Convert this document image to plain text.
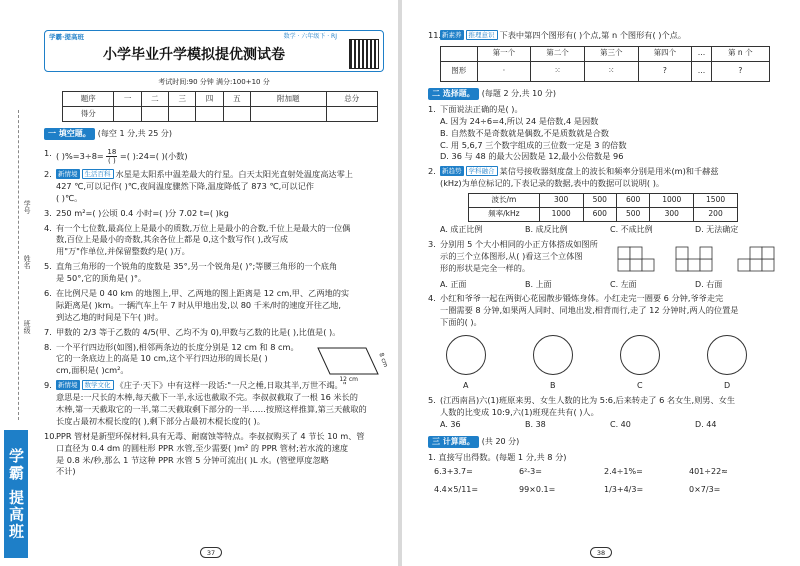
学号
姓名
班级
学霸 提高班
学霸·提高班	数学 · 六年级下 · RJ
小学毕业升学模拟提优测试卷
考试时间:90 分钟 满分:100+10 分
题序	一	二	三	四	五	附加题	总分
得分							
一 填空题。 (每空 1 分,共 25 分)
1. ( )$\%=3\div 8= \frac{18}{( )}$ =( ):24=( )(小数)
2. 新情境 生活百科 水星是太阳系中温差最大的行星。白天太阳光直射处温度高达零上
427 ℃,可以记作( )℃,夜间温度骤然下降,温度降低了 873 ℃,可以记作
( )℃。
3. 250 m²=( )公顷 0.4 小时=( )分 7.02 t=( )kg
4. 有一个七位数,最高位上是最小的质数,万位上是最小的合数,千位上是最大的一位偶
数,百位上是最小的奇数,其余各位上都是 0,这个数写作( ),改写成
用"万"作单位,并保留整数约是( )万。
5. 直角三角形的一个锐角的度数是 35°,另一个锐角是( )°;等腰三角形的一个底角
是 50°,它的顶角是( )°。
6. 在比例尺是 0 40 km 的地图上,甲、乙两地的图上距离是 12 cm,甲、乙两地的实
际距离是( )km。一辆汽车上午 7 时从甲地出发,以 80 千米/时的速度开往乙地,
到达乙地的时间是下午( )时。
7. 甲数的 2/3 等于乙数的 4/5(甲、乙均不为 0),甲数与乙数的比是( ),比值是( )。
8. 一个平行四边形(如图),相邻两条边的长度分别是 12 cm 和 8 cm。
它的一条底边上的高是 10 cm,这个平行四边形的周长是( )
cm,面积是( )cm²。
12 cm
8 cm
9. 新情境 数学文化 《庄子·天下》中有这样一段话:"一尺之棰,日取其半,万世不竭。"
意思是:一尺长的木棒,每天截下一半,永远也截取不完。李叔叔截取了一根 16 米长的
木棒,第一天截取它的一半,第二天截取剩下部分的一半……按照这样推算,第三天截取的
长度占最初木棍长度的( ),剩下部分占最初木棍长度的( )。
10.
PPR 管材是新型环保材料,具有无毒、耐腐蚀等特点。李叔叔购买了 4 节长 10 m、管
口直径为 0.4 dm 的圆柱形 PPR 水管,至少需要( )m² 的 PPR 管材;若水流的速度
是 0.8 米/秒,那么 1 节这种 PPR 水管 5 分钟可流出( )L 水。(管壁厚度忽略
不计)
37
11. 新素养 推理意识 下表中第四个图形有( )个点,第 n 个图形有( )个点。
	第一个	第二个	第三个	第四个	…	第 n 个
图形	·	⁙	⁙	?	…	?
二 选择题。 (每题 2 分,共 10 分)
1. 下面说法正确的是( )。
A. 因为 24÷6=4,所以 24 是倍数,4 是因数
B. 自然数不是奇数就是偶数,不是质数就是合数
C. 用 5,6,7 三个数字组成的三位数一定是 3 的倍数
D. 36 与 48 的最大公因数是 12,最小公倍数是 96
2. 新趋势 学科融合 某信号接收器刻度盘上的波长和频率分别是用米(m)和千赫兹
(kHz)为单位标记的,下表记录的数据,表中的数据可以说明( )。
波长/m	300	500	600	1000	1500
频率/kHz	1000	600	500	300	200
A. 成正比例	B. 成反比例	C. 不成比例	D. 无法确定
3. 分别用 5 个大小相同的小正方体搭成如图所
示的三个立体图形,从( )看这三个立体图
形的形状是完全一样的。
A. 正面	B. 上面	C. 左面	D. 右面
4. 小红和爷爷一起在两街心花园散步锻炼身体。小红走完一圈要 6 分钟,爷爷走完
一圈需要 8 分钟,如果两人同时、同地出发,相背而行,走了 12 分钟时,两人的位置是
下面的( )。
A	B	C	D
5. (江西南昌)六(1)班原来男、女生人数的比为 5:6,后来转走了 6 名女生,则男、女生
人数的比变成 10:9,六(1)班现在共有( )人。
A. 36	B. 38	C. 40	D. 44
三 计算题。 (共 20 分)
1. 直接写出得数。(每题 1 分,共 8 分)
6.3+3.7=	6²-3=	2.4÷1%=	401÷22≈
4.4×5/11=	99×0.1=	1/3+4/3=	0×7/3=
38
